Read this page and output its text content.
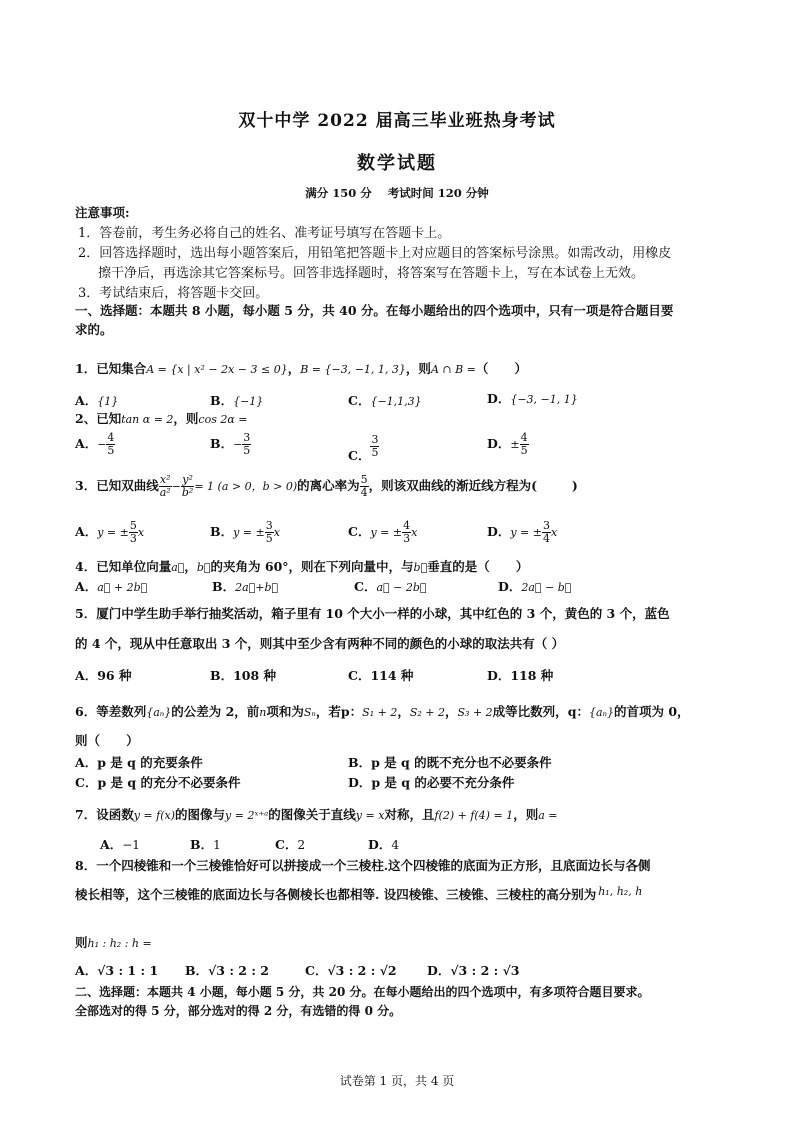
双十中学 2022 届高三毕业班热身考试
数学试题
满分 150 分    考试时间 120 分钟
注意事项:
1．答卷前，考生务必将自己的姓名、准考证号填写在答题卡上。
2．回答选择题时，选出每小题答案后，用铅笔把答题卡上对应题目的答案标号涂黑。如需改动，用橡皮
擦干净后，再选涂其它答案标号。回答非选择题时，将答案写在答题卡上，写在本试卷上无效。
3．考试结束后，将答题卡交回。
一、选择题：本题共 8 小题，每小题 5 分，共 40 分。在每小题给出的四个选项中，只有一项是符合题目要
求的。
1．已知集合A = {x | x² − 2x − 3 ≤ 0}，B = {−3, −1, 1, 3}，则A ∩ B =（      ）
A．{1}	B．{−1}	C．{−1,1,3}	D．{−3, −1, 1}
2、已知tan α = 2，则cos 2α =
A．− $\frac{4}{5}$	B．− $\frac{3}{5}$	C． $\frac{3}{5}$	D．± $\frac{4}{5}$
3．已知双曲线 $\frac{\text{x²}}{\text{a²}} - \frac{\text{y²}}{\text{b²}} = 1$ (a > 0，b > 0)的离心率为 $\frac{5}{4}$ ，则该双曲线的渐近线方程为(        )
A．y = ± $\frac{5}{3}$ x	B．y = ± $\frac{3}{5}$ x	C．y = ± $\frac{4}{3}$ x	D．y = ± $\frac{3}{4}$ x
4．已知单位向量a⃗，b⃗的夹角为 60°，则在下列向量中，与b⃗垂直的是（      ）
A．a⃗ + 2b⃗	B．2a⃗+b⃗	C．a⃗ − 2b⃗	D．2a⃗ − b⃗
5．厦门中学生助手举行抽奖活动，箱子里有 10 个大小一样的小球，其中红色的 3 个，黄色的 3 个，蓝色
的 4 个，现从中任意取出 3 个，则其中至少含有两种不同的颜色的小球的取法共有（ ）
A．96 种	B．108 种	C．114 种	D．118 种
6．等差数列{aₙ}的公差为 2，前n项和为Sₙ，若p：S₁ + 2，S₂ + 2，S₃ + 2成等比数列，q：{aₙ}的首项为 0，
则（      ）
A．p 是 q 的充要条件	B．p 是 q 的既不充分也不必要条件
C．p 是 q 的充分不必要条件	D．p 是 q 的必要不充分条件
7．设函数y = f(x)的图像与y = 2ˣ⁺ᵃ的图像关于直线y = x对称，且f(2) + f(4) = 1，则a =
A．−1	B．1	C．2	D．4
8．一个四棱锥和一个三棱锥恰好可以拼接成一个三棱柱.这个四棱锥的底面为正方形，且底面边长与各侧
棱长相等，这个三棱锥的底面边长与各侧棱长也都相等. 设四棱锥、三棱锥、三棱柱的高分别为 h₁, h₂, h
则h₁ : h₂ : h =
A．√3 : 1 : 1 B．√3 : 2 : 2	C．√3 : 2 : √2 D．√3 : 2 : √3
二、选择题：本题共 4 小题，每小题 5 分，共 20 分。在每小题给出的四个选项中，有多项符合题目要求。
全部选对的得 5 分，部分选对的得 2 分，有选错的得 0 分。
试卷第 1 页，共 4 页
